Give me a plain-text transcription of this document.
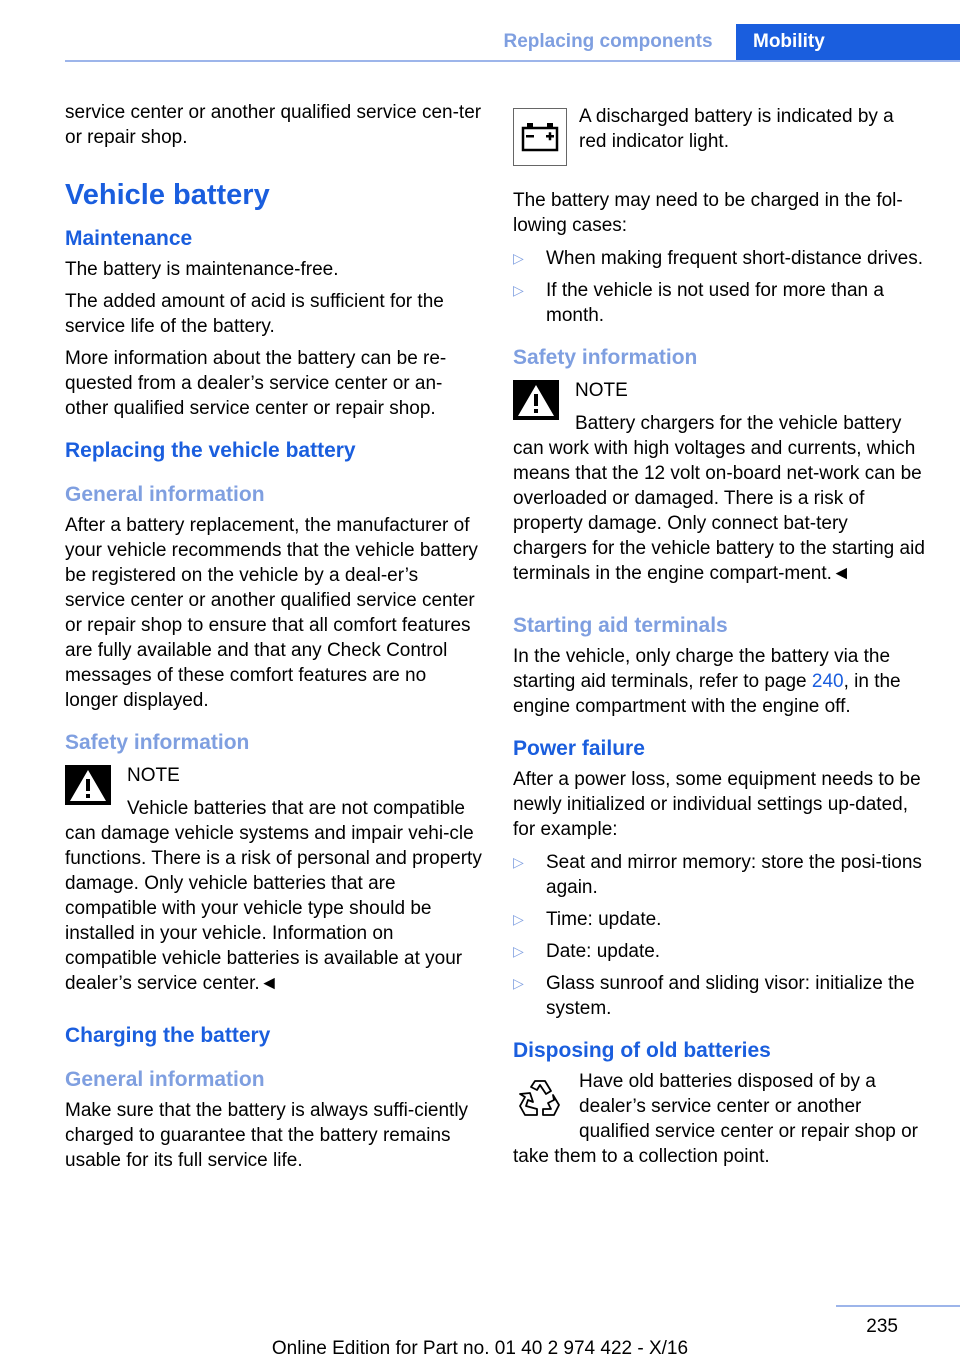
Replacing components	Mobility

service center or another qualified service cen‐ter or repair shop.

Vehicle battery
Maintenance

The battery is maintenance-free.

The added amount of acid is sufficient for the service life of the battery.

More information about the battery can be re‐quested from a dealer’s service center or an‐other qualified service center or repair shop.

Replacing the vehicle battery
General information

After a battery replacement, the manufacturer of your vehicle recommends that the vehicle battery be registered on the vehicle by a deal‐er’s service center or another qualified service center or repair shop to ensure that all comfort features are fully available and that any Check Control messages of these comfort features are no longer displayed.

Safety information
NOTE
Vehicle batteries that are not compatible can damage vehicle systems and impair vehi‐cle functions. There is a risk of personal and property damage. Only vehicle batteries that are compatible with your vehicle type should be installed in your vehicle. Information on compatible vehicle batteries is available at your dealer’s service center.◄
Charging the battery
General information

Make sure that the battery is always suffi‐ciently charged to guarantee that the battery remains usable for its full service life.

A discharged battery is indicated by a red indicator light.

The battery may need to be charged in the fol‐lowing cases:

▷ When making frequent short-distance drives.
▷ If the vehicle is not used for more than a month.
Safety information
NOTE
Battery chargers for the vehicle battery can work with high voltages and currents, which means that the 12 volt on-board net‐work can be overloaded or damaged. There is a risk of property damage. Only connect bat‐tery chargers for the vehicle battery to the starting aid terminals in the engine compart‐ment.◄
Starting aid terminals

In the vehicle, only charge the battery via the starting aid terminals, refer to page 240, in the engine compartment with the engine off.

Power failure

After a power loss, some equipment needs to be newly initialized or individual settings up‐dated, for example:

▷ Seat and mirror memory: store the posi‐tions again.
▷ Time: update.
▷ Date: update.
▷ Glass sunroof and sliding visor: initialize the system.
Disposing of old batteries

Have old batteries disposed of by a dealer’s service center or another qualified service center or repair shop or take them to a collection point.

235
Online Edition for Part no. 01 40 2 974 422 - X/16
